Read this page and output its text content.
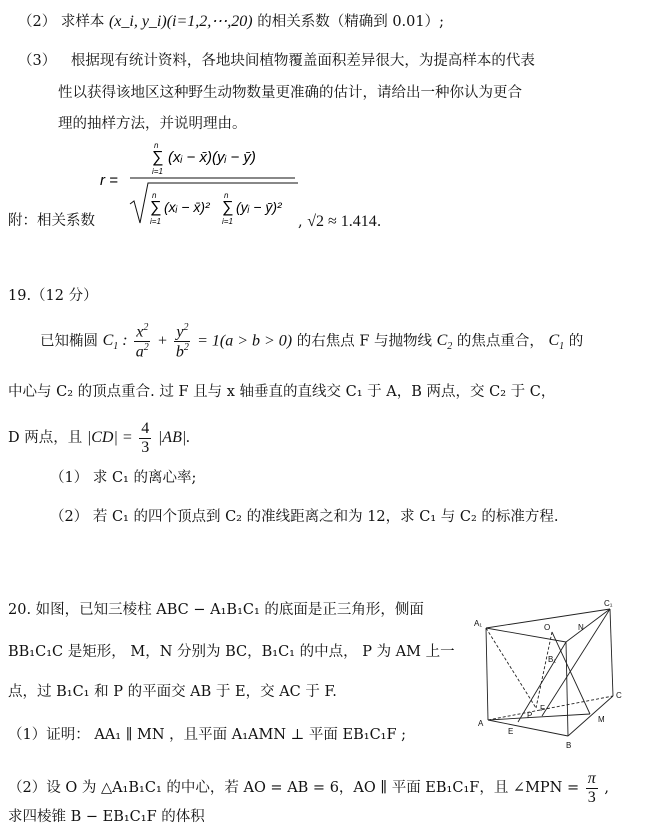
（2） 求样本 (x_i, y_i)(i=1,2,⋯,20) 的相关系数（精确到 0.01）;
（3） 根据现有统计资料，各地块间植物覆盖面积差异很大，为提高样本的代表
性以获得该地区这种野生动物数量更准确的估计，请给出一种你认为更合
理的抽样方法，并说明理由。
r =
∑
n
i=1
(xᵢ − x̄)(yᵢ − ȳ)
∑
n
i=1
(xᵢ − x̄)² ∑
n
i=1
(yᵢ − ȳ)²
附：相关系数	, √2 ≈ 1.414.
19.（12 分）
已知椭圆 $C_1$ : $\frac{x^2}{a^2} + \frac{y^2}{b^2} = 1(a > b > 0)$ 的右焦点 F 与抛物线 $C_2$ 的焦点重合， $C_1$ 的
中心与 C₂ 的顶点重合. 过 F 且与 x 轴垂直的直线交 C₁ 于 A，B 两点，交 C₂ 于 C，
D 两点，且 $|CD| = \frac{4}{3} |AB|$.
（1） 求 C₁ 的离心率;
（2） 若 C₁ 的四个顶点到 C₂ 的准线距离之和为 12，求 C₁ 与 C₂ 的标准方程.
20. 如图，已知三棱柱 ABC − A₁B₁C₁ 的底面是正三角形，侧面
BB₁C₁C 是矩形， M，N 分别为 BC，B₁C₁ 的中点， P 为 AM 上一
点，过 B₁C₁ 和 P 的平面交 AB 于 E，交 AC 于 F.
（1）证明： AA₁ ∥ MN ，且平面 A₁AMN ⊥ 平面 EB₁C₁F ;
（2）设 O 为 △A₁B₁C₁ 的中心，若 AO = AB = 6，AO ∥ 平面 EB₁C₁F，且 ∠MPN = $\frac{\pi}{3}$ ,
求四棱锥 B − EB₁C₁F 的体积
A₁
C₁
O	N
B₁
P
F
C
A
E
M
B
